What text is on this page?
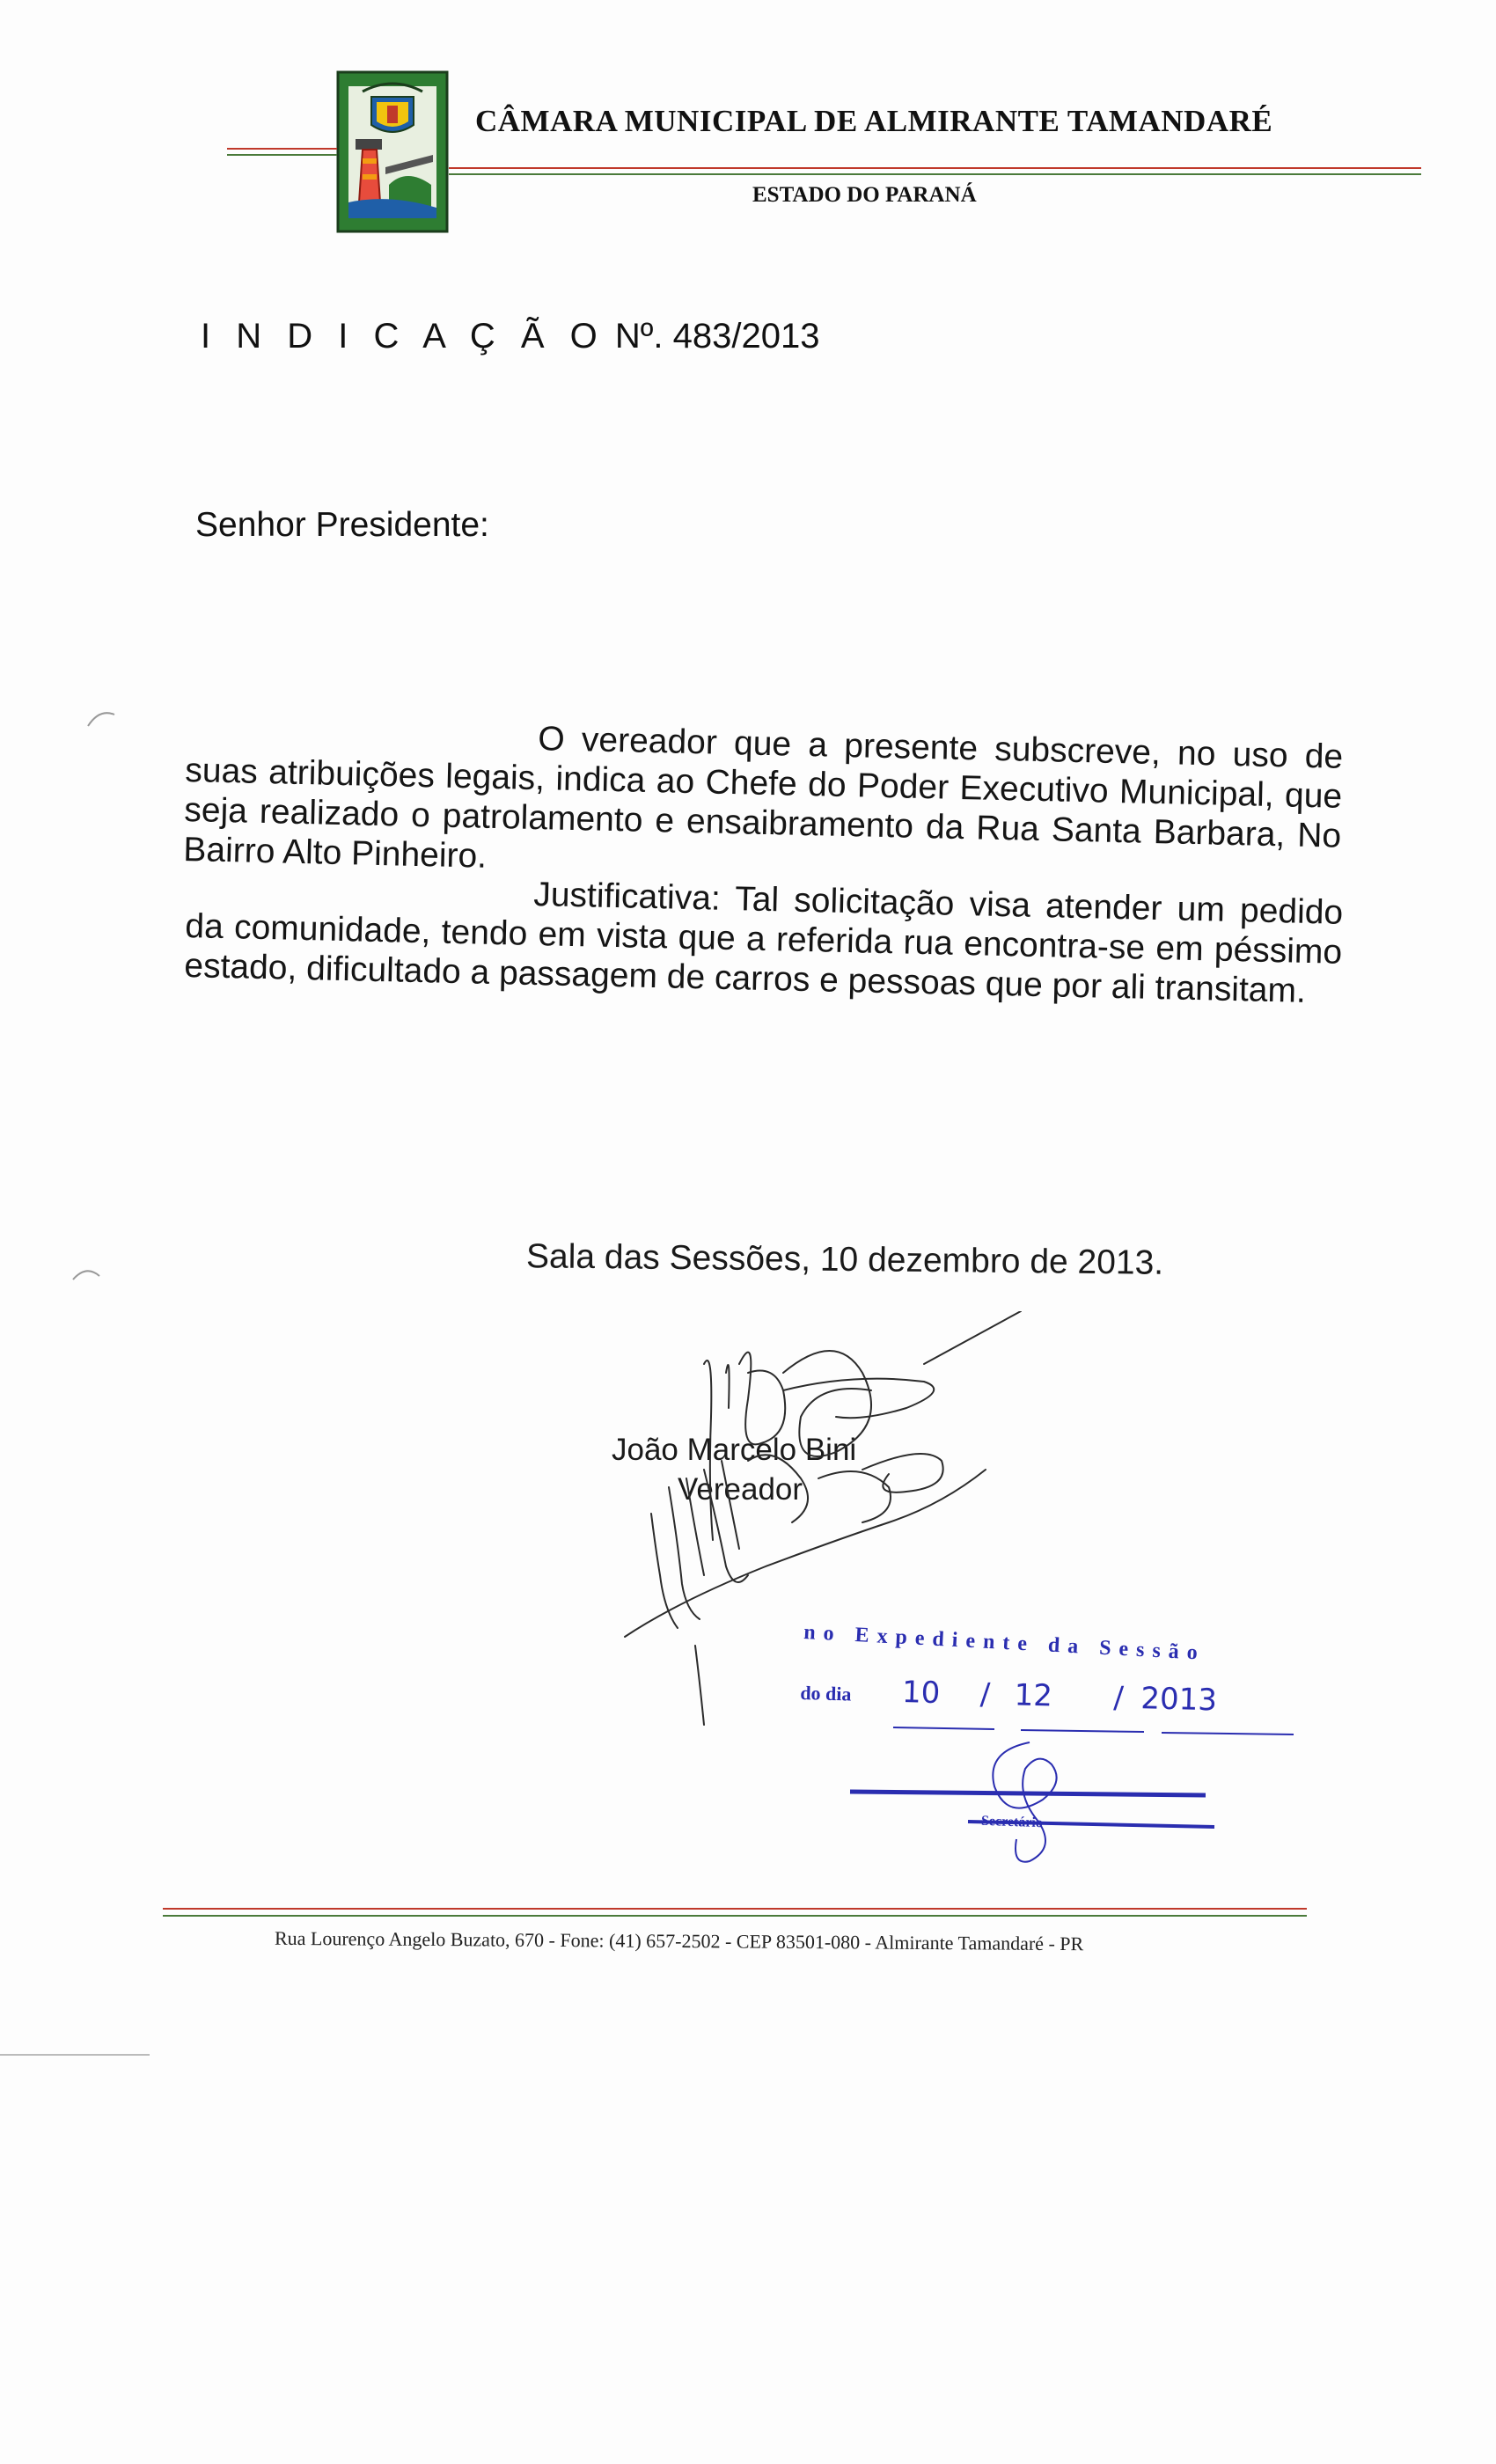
CÂMARA MUNICIPAL DE ALMIRANTE TAMANDARÉ
ESTADO DO PARANÁ
I N D I C A Ç Ã O Nº. 483/2013
Senhor Presidente:
O vereador que a presente subscreve, no uso de suas atribuições legais, indica ao Chefe do Poder Executivo Municipal, que seja realizado o patrolamento e ensaibramento da Rua Santa Barbara, No Bairro Alto Pinheiro.
Justificativa: Tal solicitação visa atender um pedido da comunidade, tendo em vista que a referida rua encontra-se em péssimo estado, dificultado a passagem de carros e pessoas que por ali transitam.
Sala das Sessões, 10 dezembro de 2013.
João Marcelo Bini
Vereador
no Expediente da Sessão
do dia 10 / 12 / 2013
Secretário
Rua Lourenço Angelo Buzato, 670 - Fone: (41) 657-2502 - CEP 83501-080 - Almirante Tamandaré - PR
